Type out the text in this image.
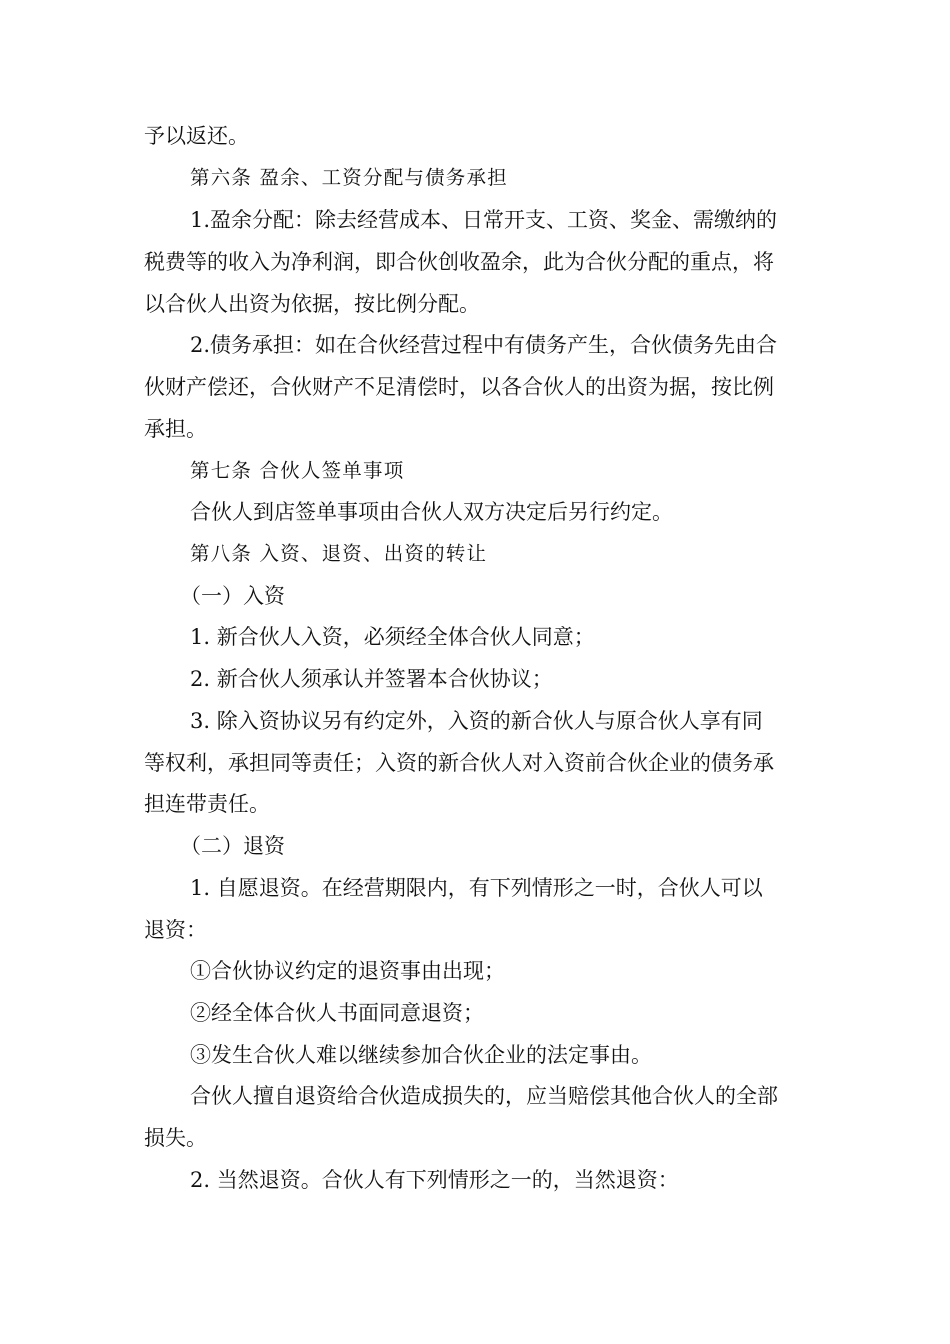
予以返还。

第六条 盈余、工资分配与债务承担

1.盈余分配：除去经营成本、日常开支、工资、奖金、需缴纳的

税费等的收入为净利润，即合伙创收盈余，此为合伙分配的重点，将

以合伙人出资为依据，按比例分配。

2.债务承担：如在合伙经营过程中有债务产生，合伙债务先由合

伙财产偿还，合伙财产不足清偿时，以各合伙人的出资为据，按比例

承担。

第七条 合伙人签单事项

合伙人到店签单事项由合伙人双方决定后另行约定。

第八条 入资、退资、出资的转让

（一）入资

1. 新合伙人入资，必须经全体合伙人同意；

2. 新合伙人须承认并签署本合伙协议；

3. 除入资协议另有约定外，入资的新合伙人与原合伙人享有同

等权利，承担同等责任；入资的新合伙人对入资前合伙企业的债务承

担连带责任。

（二）退资

1. 自愿退资。在经营期限内，有下列情形之一时，合伙人可以

退资：

①合伙协议约定的退资事由出现；

②经全体合伙人书面同意退资；

③发生合伙人难以继续参加合伙企业的法定事由。

合伙人擅自退资给合伙造成损失的，应当赔偿其他合伙人的全部

损失。

2. 当然退资。合伙人有下列情形之一的，当然退资：
